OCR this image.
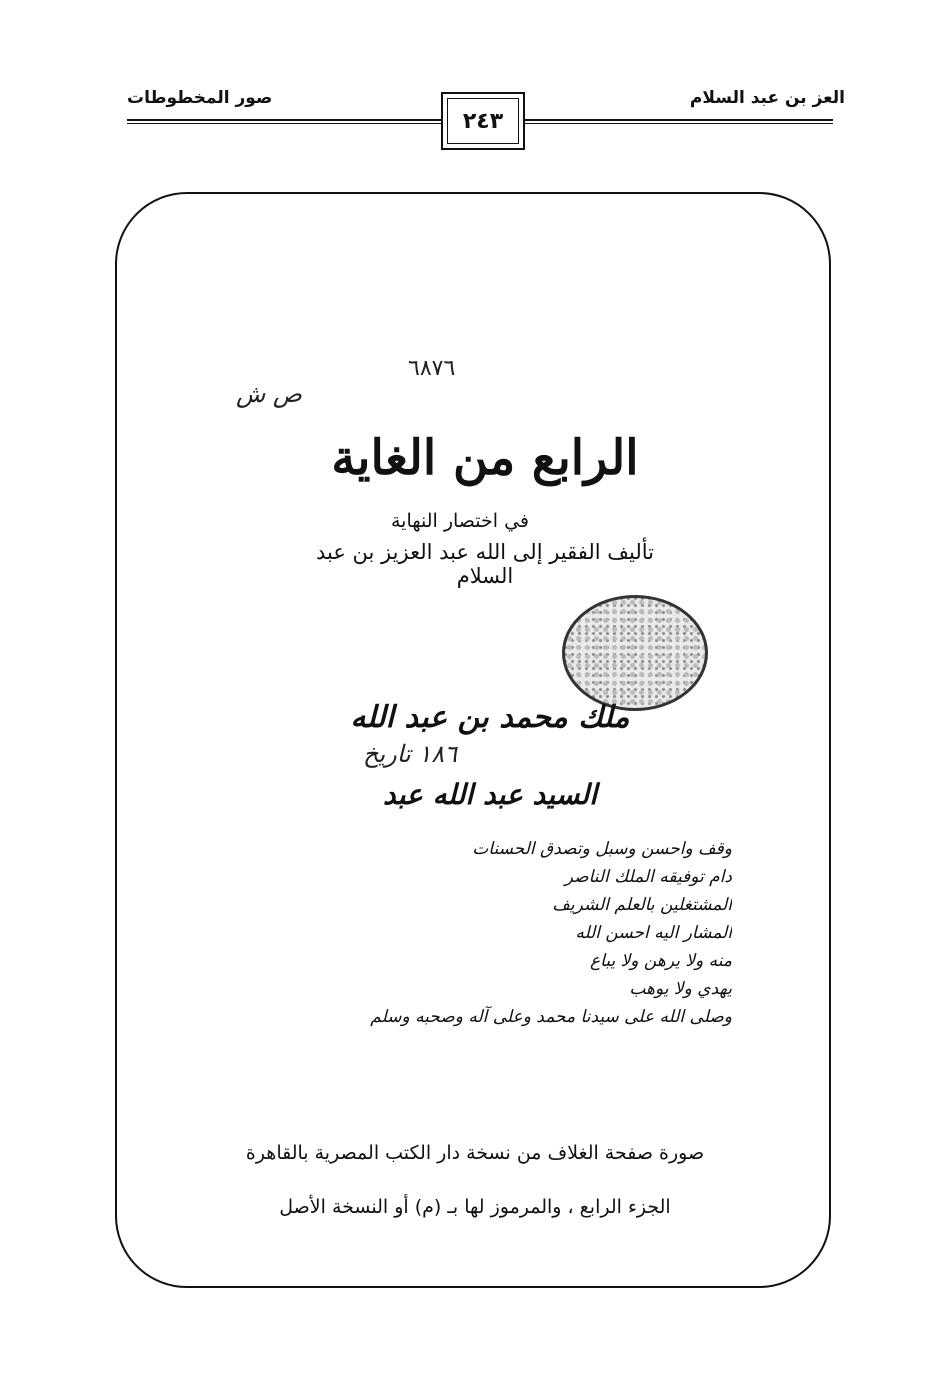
العز بن عبد السلام
صور المخطوطات
٢٤٣
٦٨٧٦
ص ش
الرابع من الغاية
في اختصار النهاية
تأليف الفقير إلى الله عبد العزيز بن عبد السلام
ملك محمد بن عبد الله
١٨٦ تاريخ
السيد عبد الله عبد
وقف واحسن وسبل وتصدق الحسنات
دام توفيقه الملك الناصر
المشتغلين بالعلم الشريف
المشار اليه احسن الله
منه ولا يرهن ولا يباع
يهدي ولا يوهب
وصلى الله على سيدنا محمد وعلى آله وصحبه وسلم
صورة صفحة الغلاف من نسخة دار الكتب المصرية بالقاهرة
الجزء الرابع ، والمرموز لها بـ (م) أو النسخة الأصل
